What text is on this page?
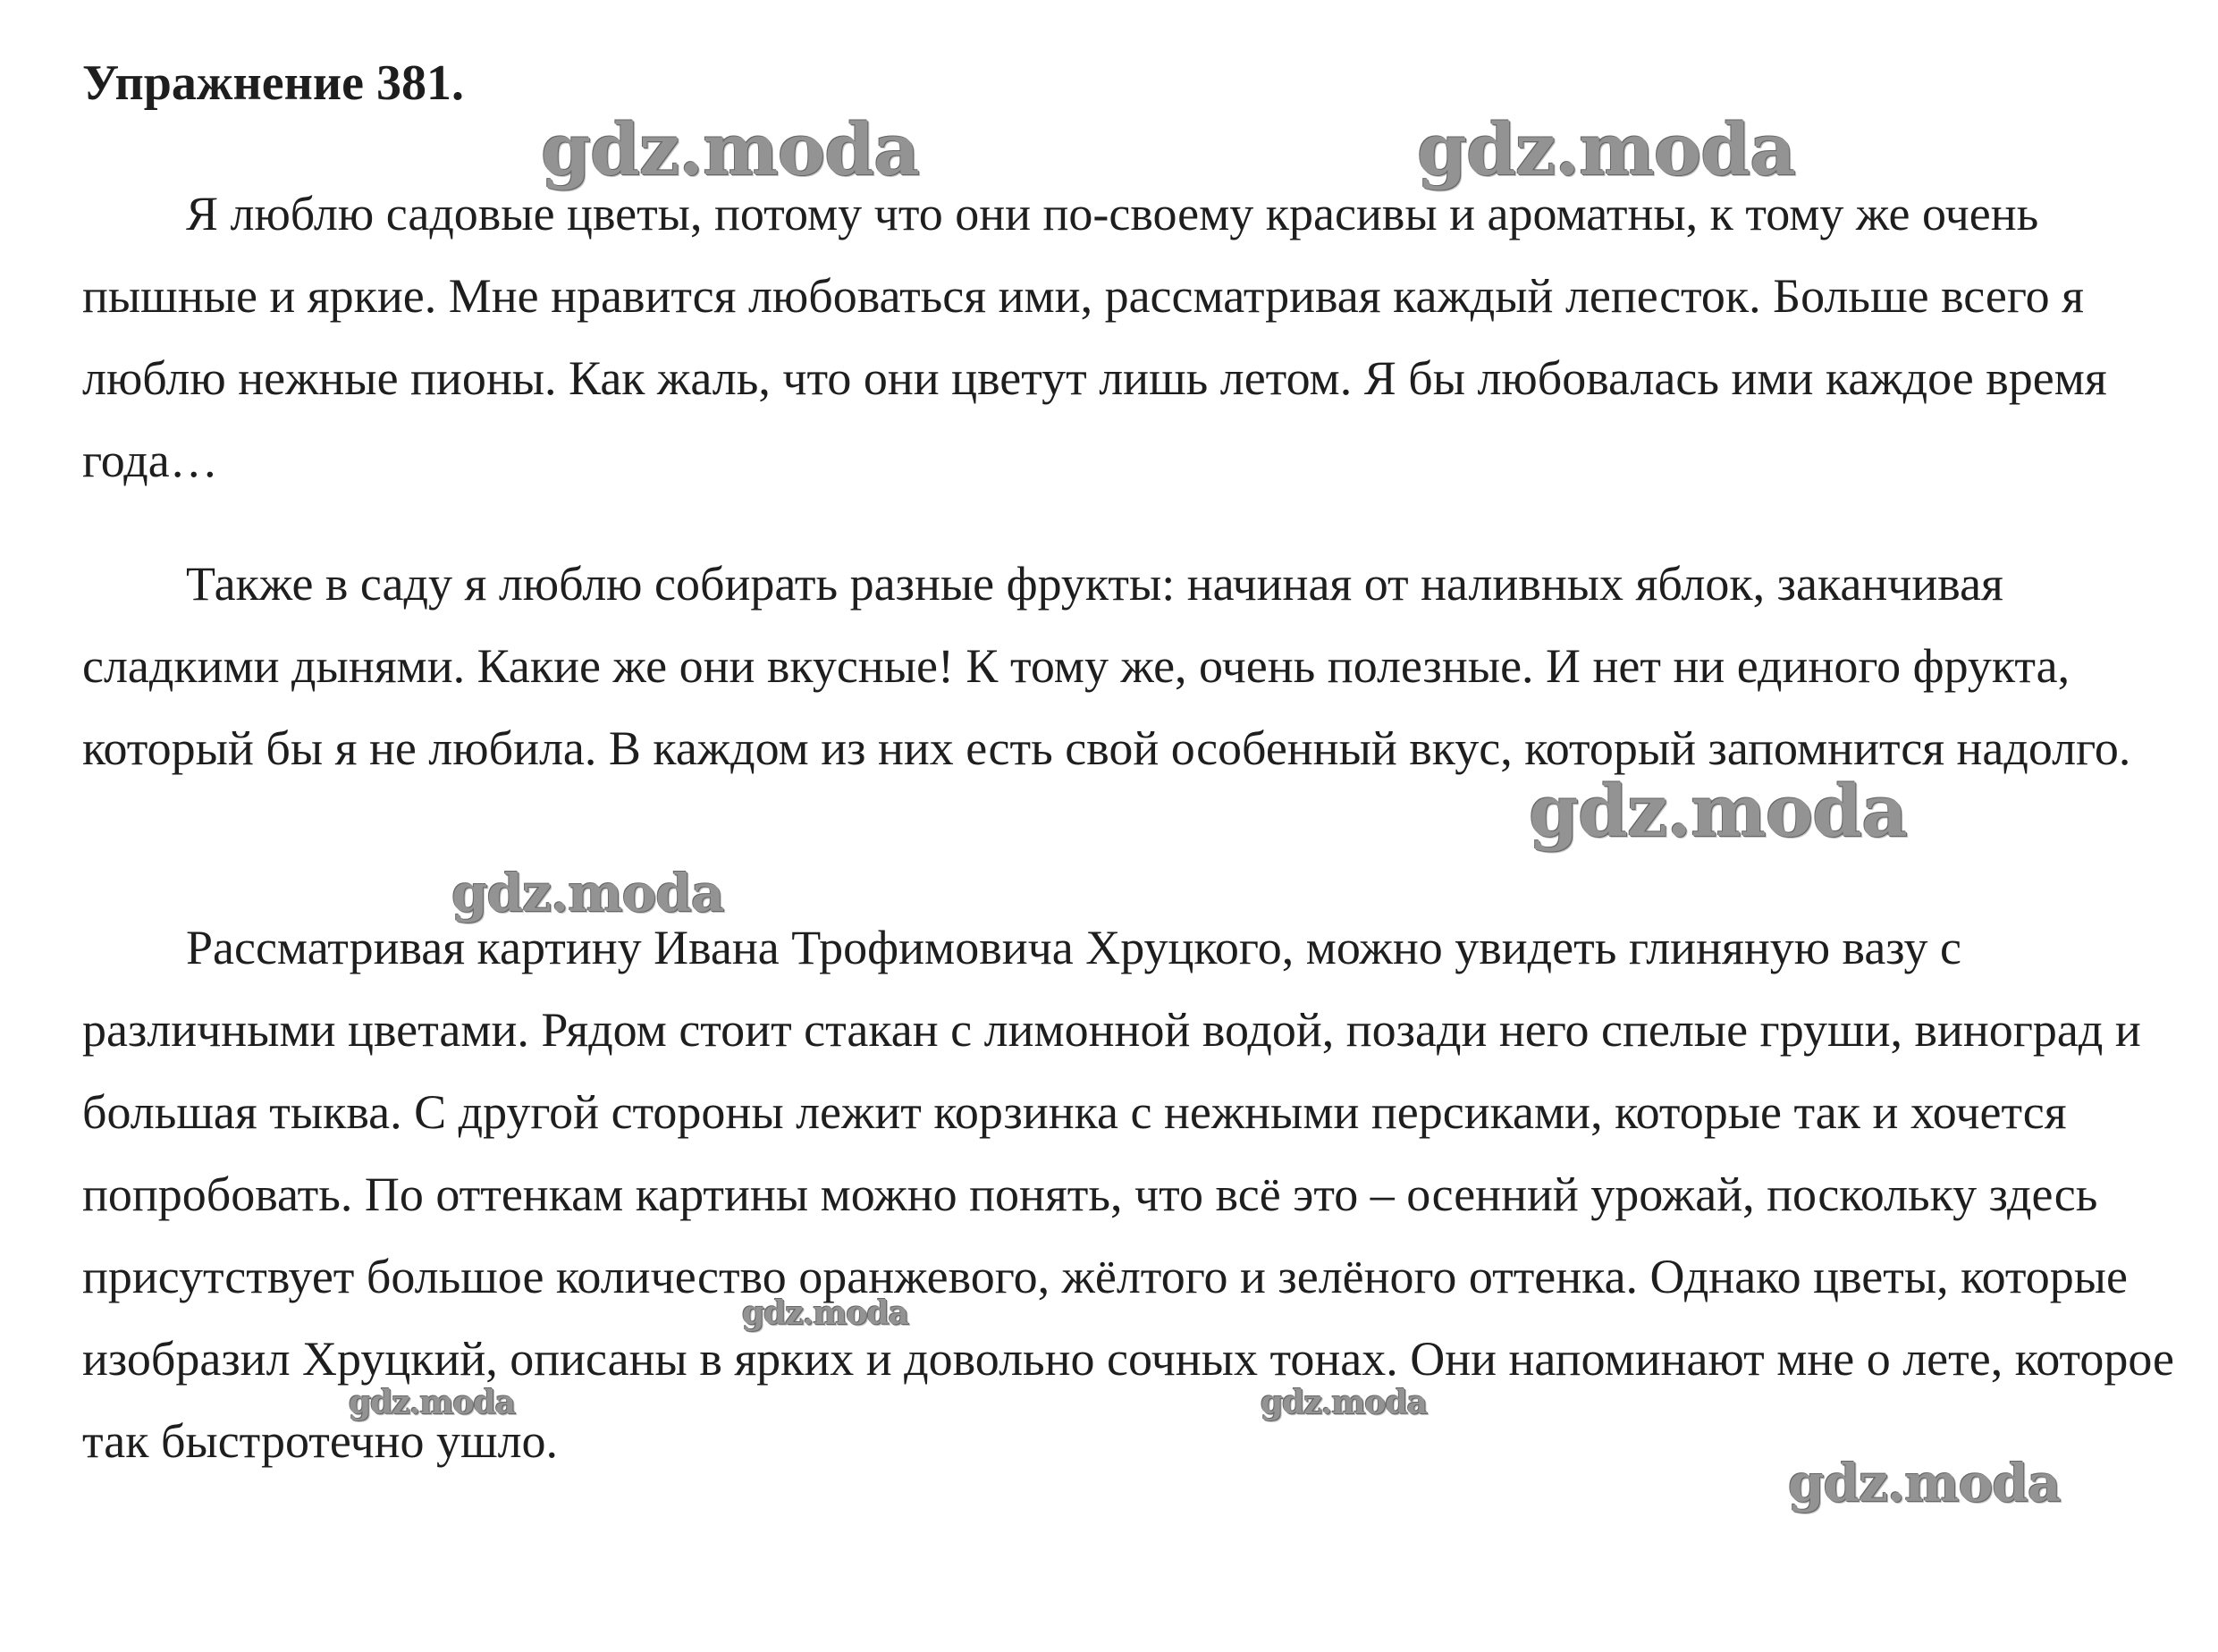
Упражнение 381.

Я люблю садовые цветы, потому что они по-своему красивы и ароматны, к тому же очень пышные и яркие. Мне нравится любоваться ими, рассматривая каждый лепесток. Больше всего я люблю нежные пионы. Как жаль, что они цветут лишь летом. Я бы любовалась ими каждое время года…

Также в саду я люблю собирать разные фрукты: начиная от наливных яблок, заканчивая сладкими дынями. Какие же они вкусные! К тому же, очень полезные. И нет ни единого фрукта, который бы я не любила. В каждом из них есть свой особенный вкус, который запомнится надолго.

Рассматривая картину Ивана Трофимовича Хруцкого, можно увидеть глиняную вазу с различными цветами. Рядом стоит стакан с лимонной водой, позади него спелые груши, виноград и большая тыква. С другой стороны лежит корзинка с нежными персиками, которые так и хочется попробовать. По оттенкам картины можно понять, что всё это – осенний урожай, поскольку здесь присутствует большое количество оранжевого, жёлтого и зелёного оттенка. Однако цветы, которые изобразил Хруцкий, описаны в ярких и довольно сочных тонах. Они напоминают мне о лете, которое так быстротечно ушло.

gdz.moda	gdz.moda
gdz.moda
gdz.moda
gdz.moda
gdz.moda	gdz.moda
gdz.moda
